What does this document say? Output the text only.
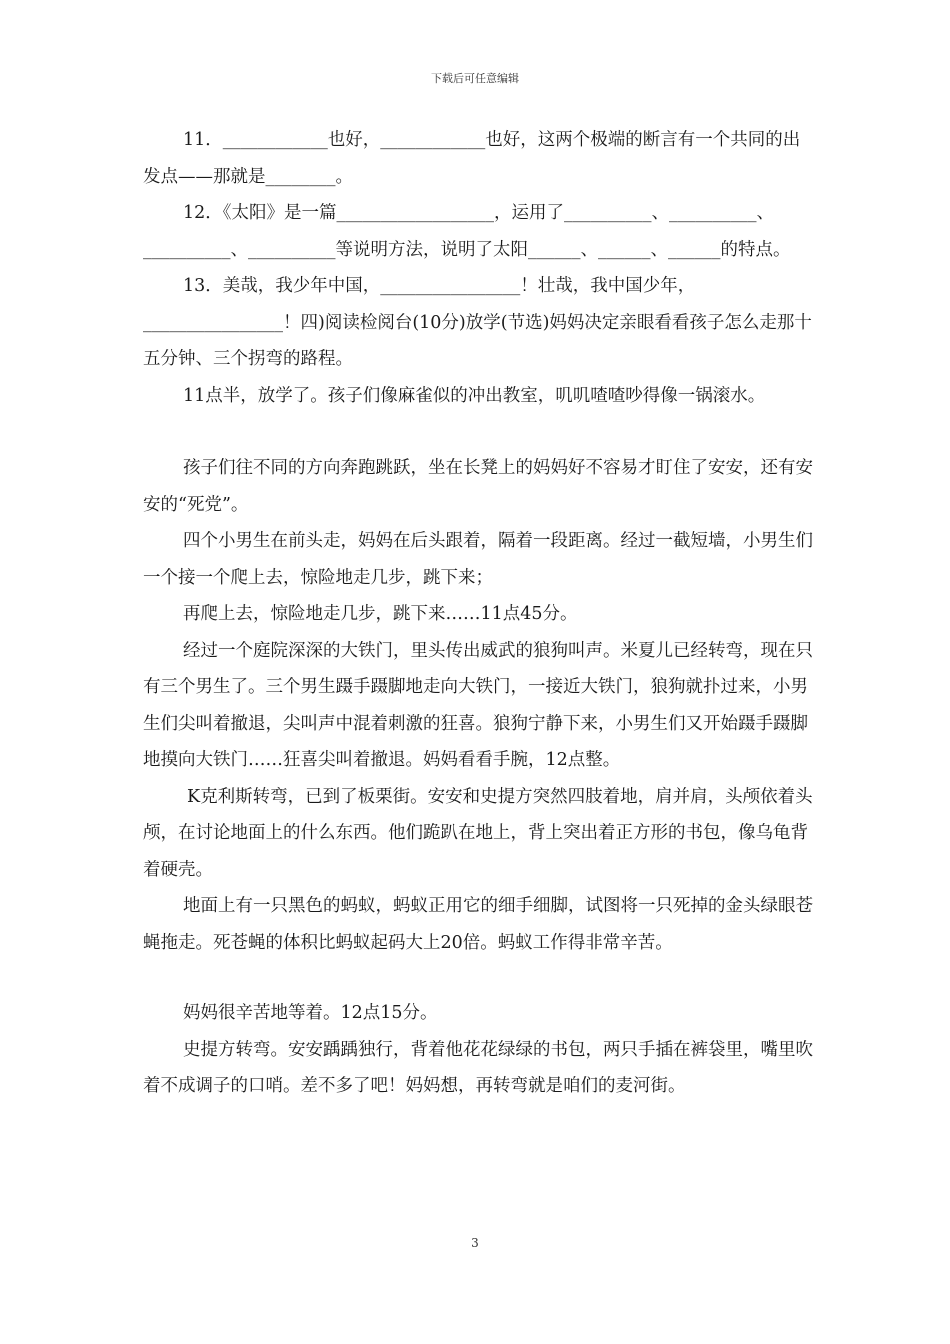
下载后可任意编辑

11．____________也好，____________也好，这两个极端的断言有一个共同的出发点——那就是________。

12．《太阳》是一篇__________________，运用了__________、__________、__________、__________等说明方法，说明了太阳______、______、______的特点。

13．美哉，我少年中国，________________！壮哉，我中国少年，________________！四)阅读检阅台(10分)放学(节选)妈妈决定亲眼看看孩子怎么走那十五分钟、三个拐弯的路程。

11点半，放学了。孩子们像麻雀似的冲出教室，叽叽喳喳吵得像一锅滚水。

孩子们往不同的方向奔跑跳跃，坐在长凳上的妈妈好不容易才盯住了安安，还有安安的“死党”。

四个小男生在前头走，妈妈在后头跟着，隔着一段距离。经过一截短墙，小男生们一个接一个爬上去，惊险地走几步，跳下来；

再爬上去，惊险地走几步，跳下来……11点45分。

经过一个庭院深深的大铁门，里头传出威武的狼狗叫声。米夏儿已经转弯，现在只有三个男生了。三个男生蹑手蹑脚地走向大铁门，一接近大铁门，狼狗就扑过来，小男生们尖叫着撤退，尖叫声中混着刺激的狂喜。狼狗宁静下来，小男生们又开始蹑手蹑脚地摸向大铁门……狂喜尖叫着撤退。妈妈看看手腕，12点整。

K克利斯转弯，已到了板栗街。安安和史提方突然四肢着地，肩并肩，头颅依着头颅，在讨论地面上的什么东西。他们跪趴在地上，背上突出着正方形的书包，像乌龟背着硬壳。

地面上有一只黑色的蚂蚁，蚂蚁正用它的细手细脚，试图将一只死掉的金头绿眼苍蝇拖走。死苍蝇的体积比蚂蚁起码大上20倍。蚂蚁工作得非常辛苦。

妈妈很辛苦地等着。12点15分。

史提方转弯。安安踽踽独行，背着他花花绿绿的书包，两只手插在裤袋里，嘴里吹着不成调子的口哨。差不多了吧！妈妈想，再转弯就是咱们的麦河街。

3
